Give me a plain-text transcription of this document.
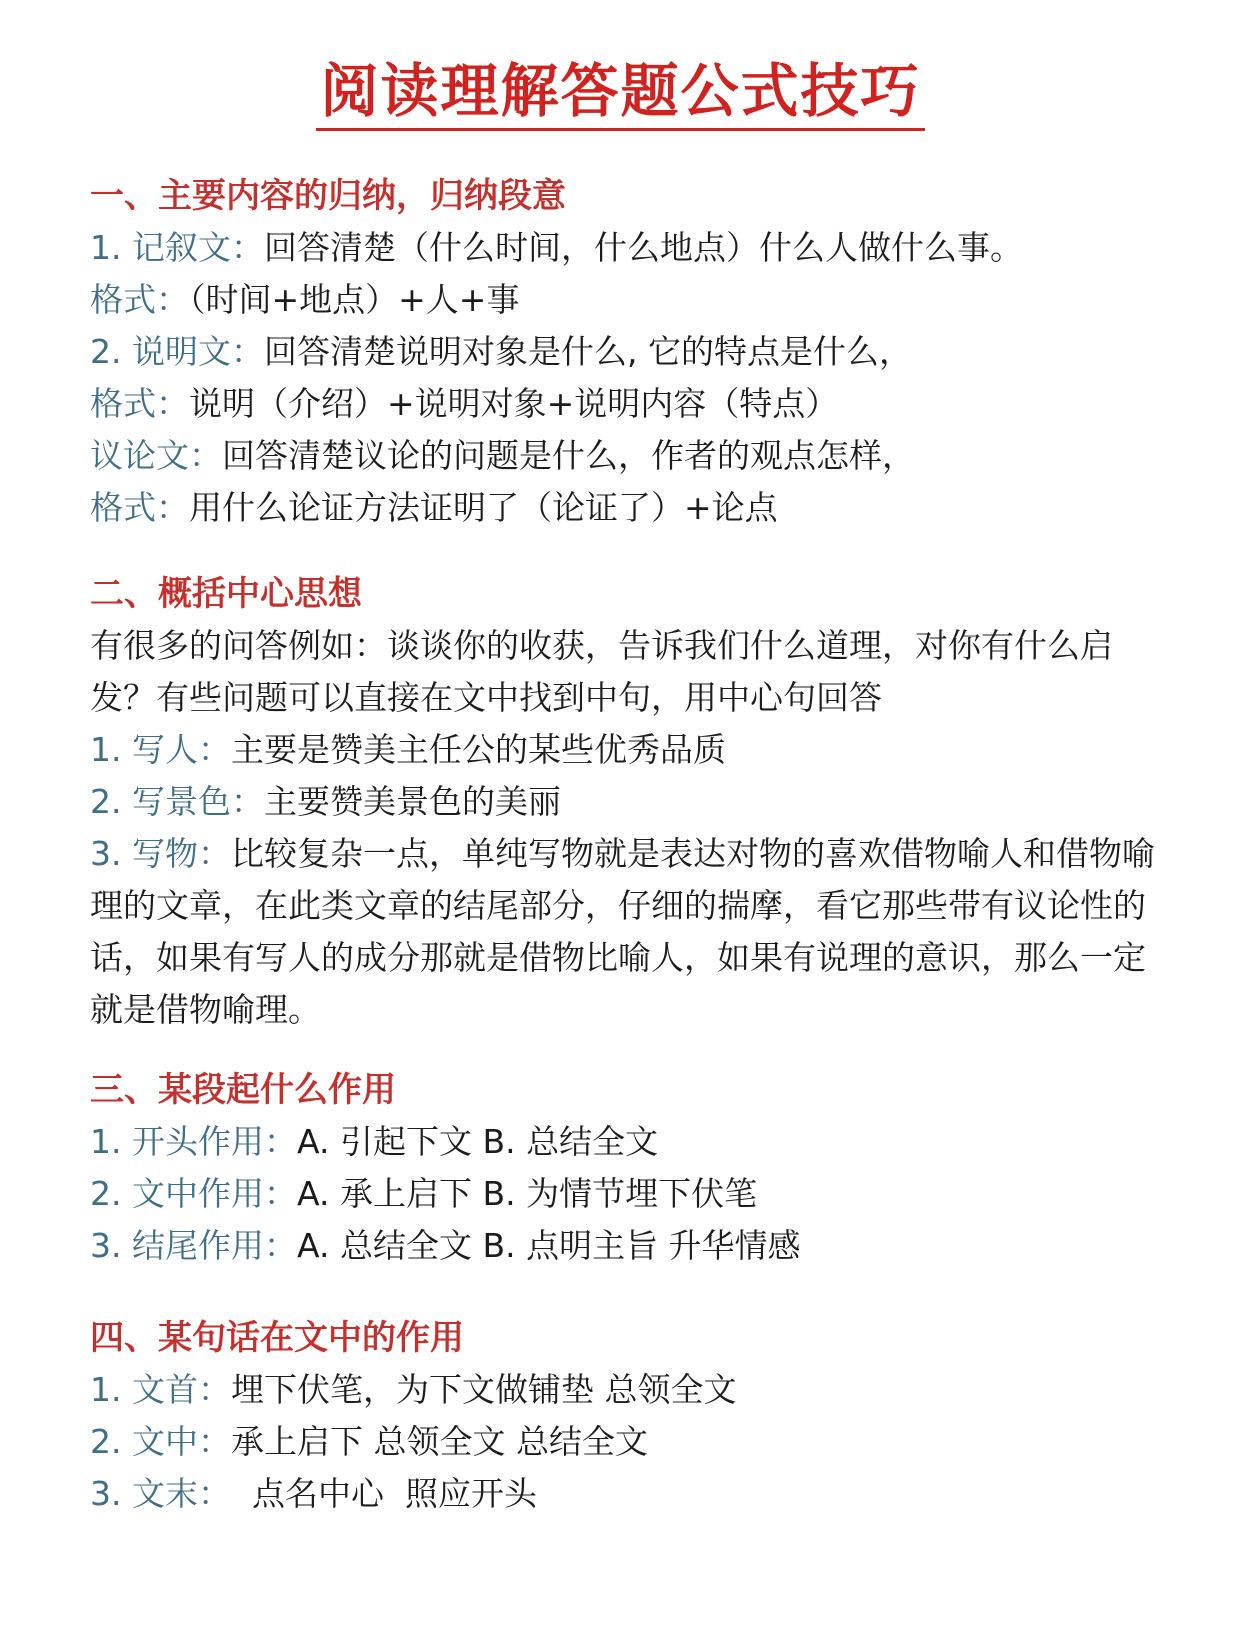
阅读理解答题公式技巧
一、主要内容的归纳，归纳段意
1. 记叙文：回答清楚（什么时间，什么地点）什么人做什么事。
格式：（时间+地点）+人+事
2. 说明文：回答清楚说明对象是什么, 它的特点是什么，
格式：说明（介绍）+说明对象+说明内容（特点）
议论文：回答清楚议论的问题是什么，作者的观点怎样，
格式：用什么论证方法证明了（论证了）+论点
二、概括中心思想
有很多的问答例如：谈谈你的收获，告诉我们什么道理，对你有什么启发？有些问题可以直接在文中找到中句，用中心句回答
1. 写人：主要是赞美主任公的某些优秀品质
2. 写景色：主要赞美景色的美丽
3. 写物：比较复杂一点，单纯写物就是表达对物的喜欢借物喻人和借物喻理的文章，在此类文章的结尾部分，仔细的揣摩，看它那些带有议论性的话，如果有写人的成分那就是借物比喻人，如果有说理的意识，那么一定就是借物喻理。
三、某段起什么作用
1. 开头作用：A. 引起下文 B. 总结全文
2. 文中作用：A. 承上启下 B. 为情节埋下伏笔
3. 结尾作用：A. 总结全文 B. 点明主旨 升华情感
四、某句话在文中的作用
1. 文首：埋下伏笔，为下文做铺垫 总领全文
2. 文中：承上启下 总领全文 总结全文
3. 文末：  点名中心  照应开头
